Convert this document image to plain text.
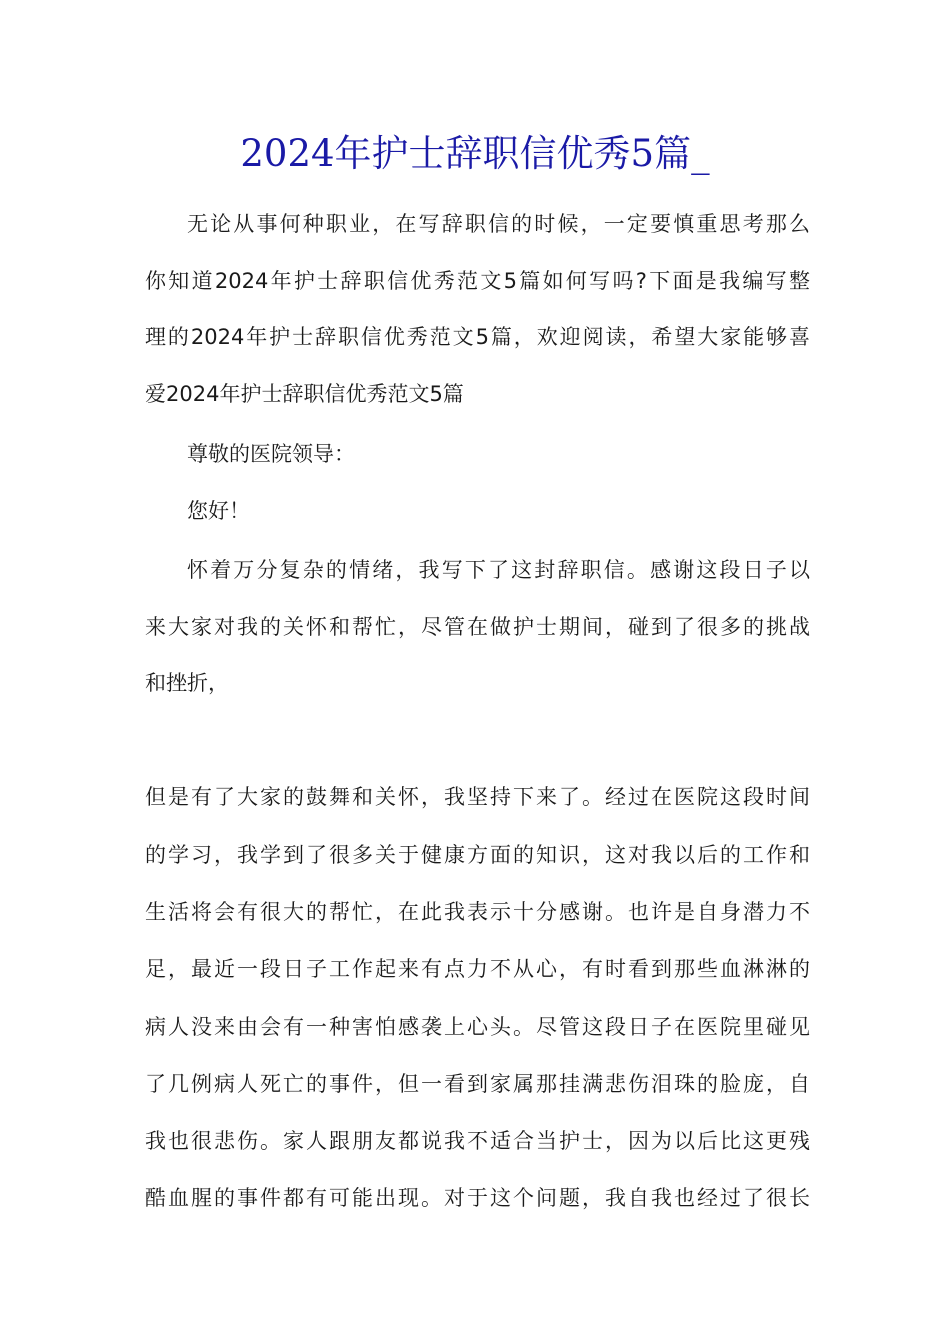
2024年护士辞职信优秀5篇_
无论从事何种职业，在写辞职信的时候，一定要慎重思考那么
你知道2024年护士辞职信优秀范文5篇如何写吗?下面是我编写整
理的2024年护士辞职信优秀范文5篇，欢迎阅读，希望大家能够喜
爱2024年护士辞职信优秀范文5篇
尊敬的医院领导：
您好！
怀着万分复杂的情绪，我写下了这封辞职信。感谢这段日子以
来大家对我的关怀和帮忙，尽管在做护士期间，碰到了很多的挑战
和挫折，
但是有了大家的鼓舞和关怀，我坚持下来了。经过在医院这段时间
的学习，我学到了很多关于健康方面的知识，这对我以后的工作和
生活将会有很大的帮忙，在此我表示十分感谢。也许是自身潜力不
足，最近一段日子工作起来有点力不从心，有时看到那些血淋淋的
病人没来由会有一种害怕感袭上心头。尽管这段日子在医院里碰见
了几例病人死亡的事件，但一看到家属那挂满悲伤泪珠的脸庞，自
我也很悲伤。家人跟朋友都说我不适合当护士，因为以后比这更残
酷血腥的事件都有可能出现。对于这个问题，我自我也经过了很长
